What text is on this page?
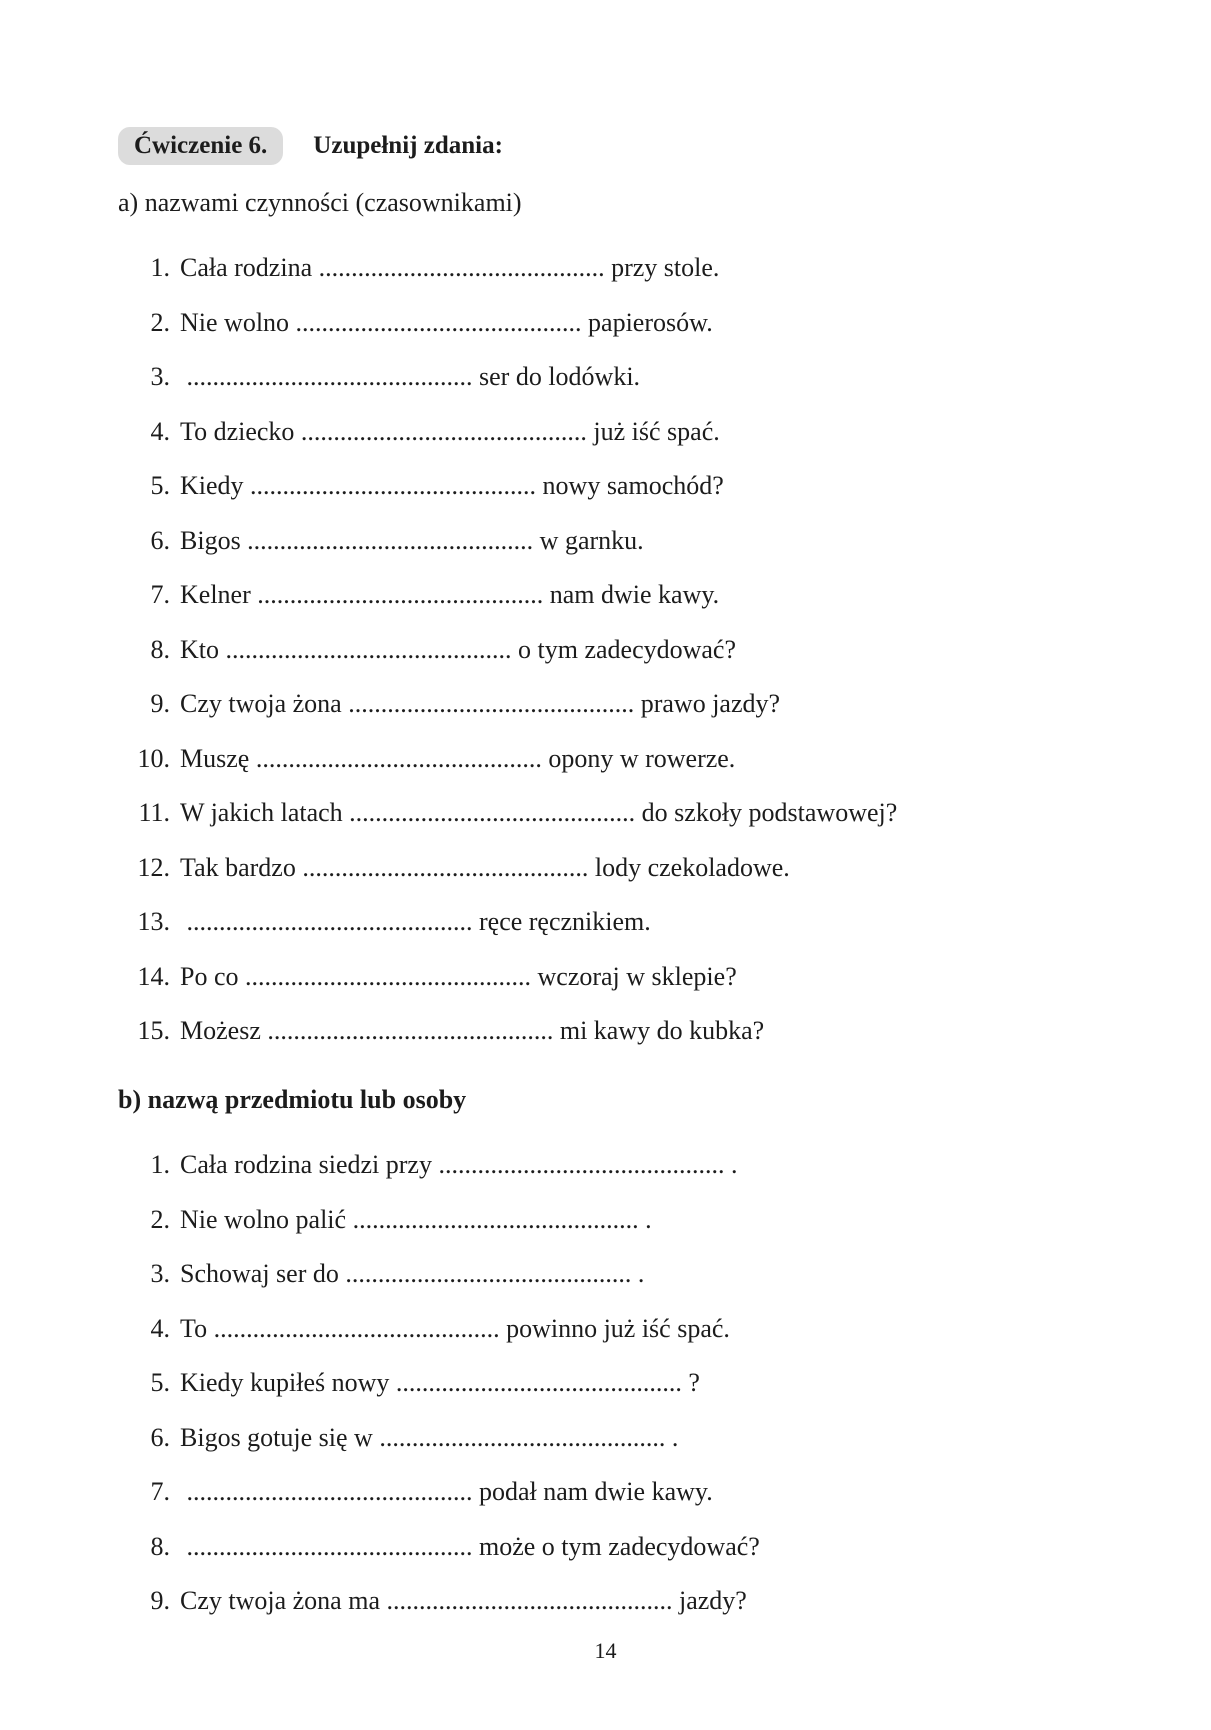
Ćwiczenie 6.	Uzupełnij zdania:
a) nazwami czynności (czasownikami)
1. Cała rodzina ............................................ przy stole.
2. Nie wolno ............................................ papierosów.
3. ............................................ ser do lodówki.
4. To dziecko ............................................ już iść spać.
5. Kiedy ............................................ nowy samochód?
6. Bigos ............................................ w garnku.
7. Kelner ............................................ nam dwie kawy.
8. Kto ............................................ o tym zadecydować?
9. Czy twoja żona ............................................ prawo jazdy?
10. Muszę ............................................ opony w rowerze.
11. W jakich latach ............................................ do szkoły podstawowej?
12. Tak bardzo ............................................ lody czekoladowe.
13. ............................................ ręce ręcznikiem.
14. Po co ............................................ wczoraj w sklepie?
15. Możesz ............................................ mi kawy do kubka?
b) nazwą przedmiotu lub osoby
1. Cała rodzina siedzi przy ............................................ .
2. Nie wolno palić ............................................ .
3. Schowaj ser do ............................................ .
4. To ............................................ powinno już iść spać.
5. Kiedy kupiłeś nowy ............................................ ?
6. Bigos gotuje się w ............................................ .
7. ............................................ podał nam dwie kawy.
8. ............................................ może o tym zadecydować?
9. Czy twoja żona ma ............................................ jazdy?
14
